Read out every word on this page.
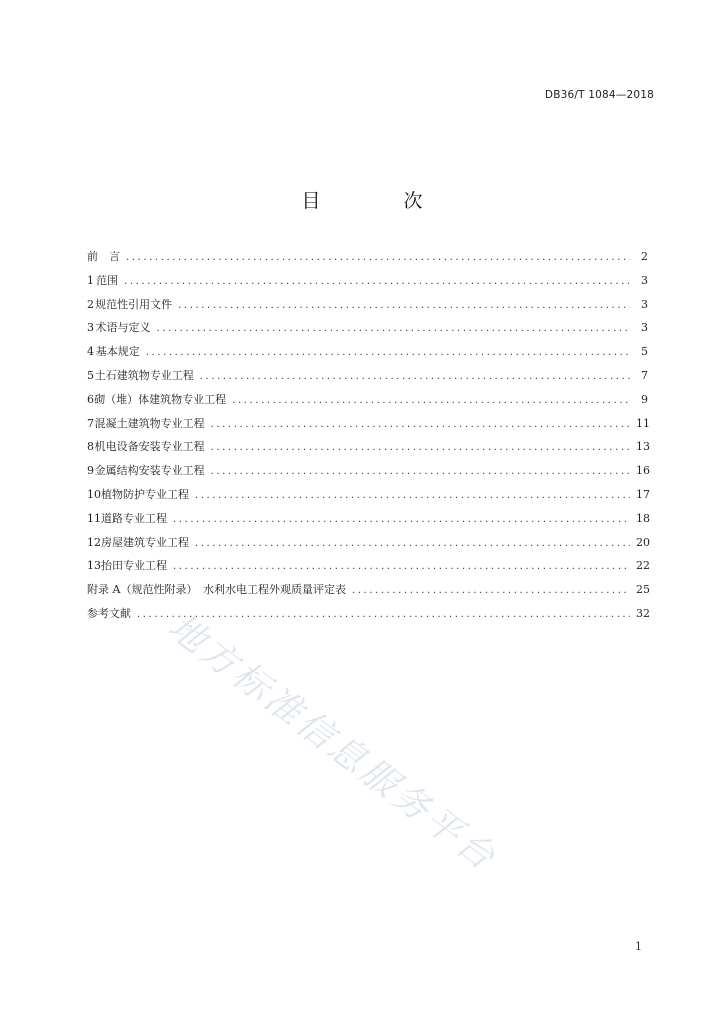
DB36/T 1084—2018
目　次
前　言 .....	2
1 范围 .....	3
2 规范性引用文件 .....	3
3 术语与定义 .....	3
4 基本规定 .....	5
5 土石建筑物专业工程 .....	7
6 砌（堆）体建筑物专业工程 .....	9
7 混凝土建筑物专业工程 .....	11
8 机电设备安装专业工程 .....	13
9 金属结构安装专业工程 .....	16
10 植物防护专业工程 .....	17
11 道路专业工程 .....	18
12 房屋建筑专业工程 .....	20
13 抬田专业工程 .....	22
附录 A（规范性附录）　水利水电工程外观质量评定表 .....	25
参考文献 .....	32
地方标准信息服务平台
1
